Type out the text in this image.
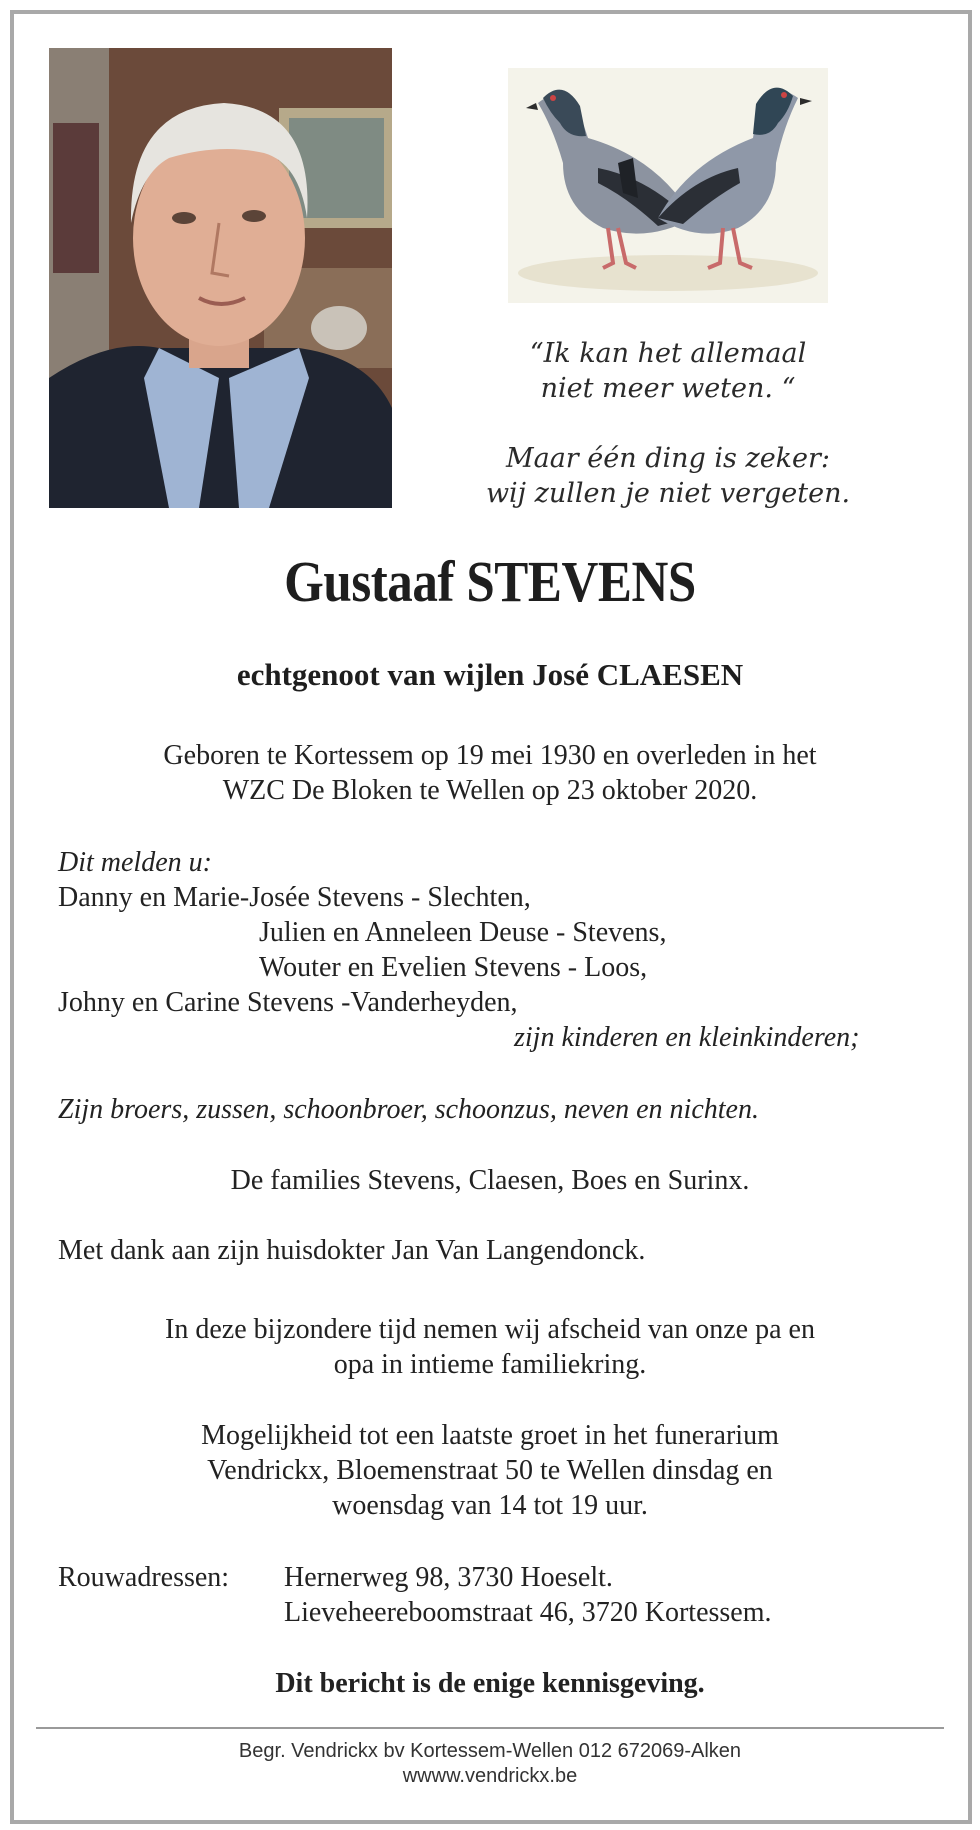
“Ik kan het allemaal

niet meer weten. “

Maar één ding is zeker:

wij zullen je niet vergeten.

Gustaaf STEVENS
echtgenoot van wijlen José CLAESEN
Geboren te Kortessem op 19 mei 1930 en overleden in het
WZC De Bloken te Wellen op 23 oktober 2020.
Dit melden u:
Danny en Marie-Josée Stevens - Slechten,
Julien en Anneleen Deuse - Stevens,
Wouter en Evelien Stevens - Loos,
Johny en Carine Stevens -Vanderheyden,
zijn kinderen en kleinkinderen;
Zijn broers, zussen, schoonbroer, schoonzus, neven en nichten.
De families Stevens, Claesen, Boes en Surinx.
Met dank aan zijn huisdokter Jan Van Langendonck.
In deze bijzondere tijd nemen wij afscheid van onze pa en
opa in intieme familiekring.
Mogelijkheid tot een laatste groet in het funerarium
Vendrickx, Bloemenstraat 50 te Wellen dinsdag en
woensdag van 14 tot 19 uur.
Rouwadressen: Hernerweg 98, 3730 Hoeselt.
Lieveheereboomstraat 46, 3720 Kortessem.
Dit bericht is de enige kennisgeving.
Begr. Vendrickx bv Kortessem-Wellen 012 672069-Alken
wwww.vendrickx.be
